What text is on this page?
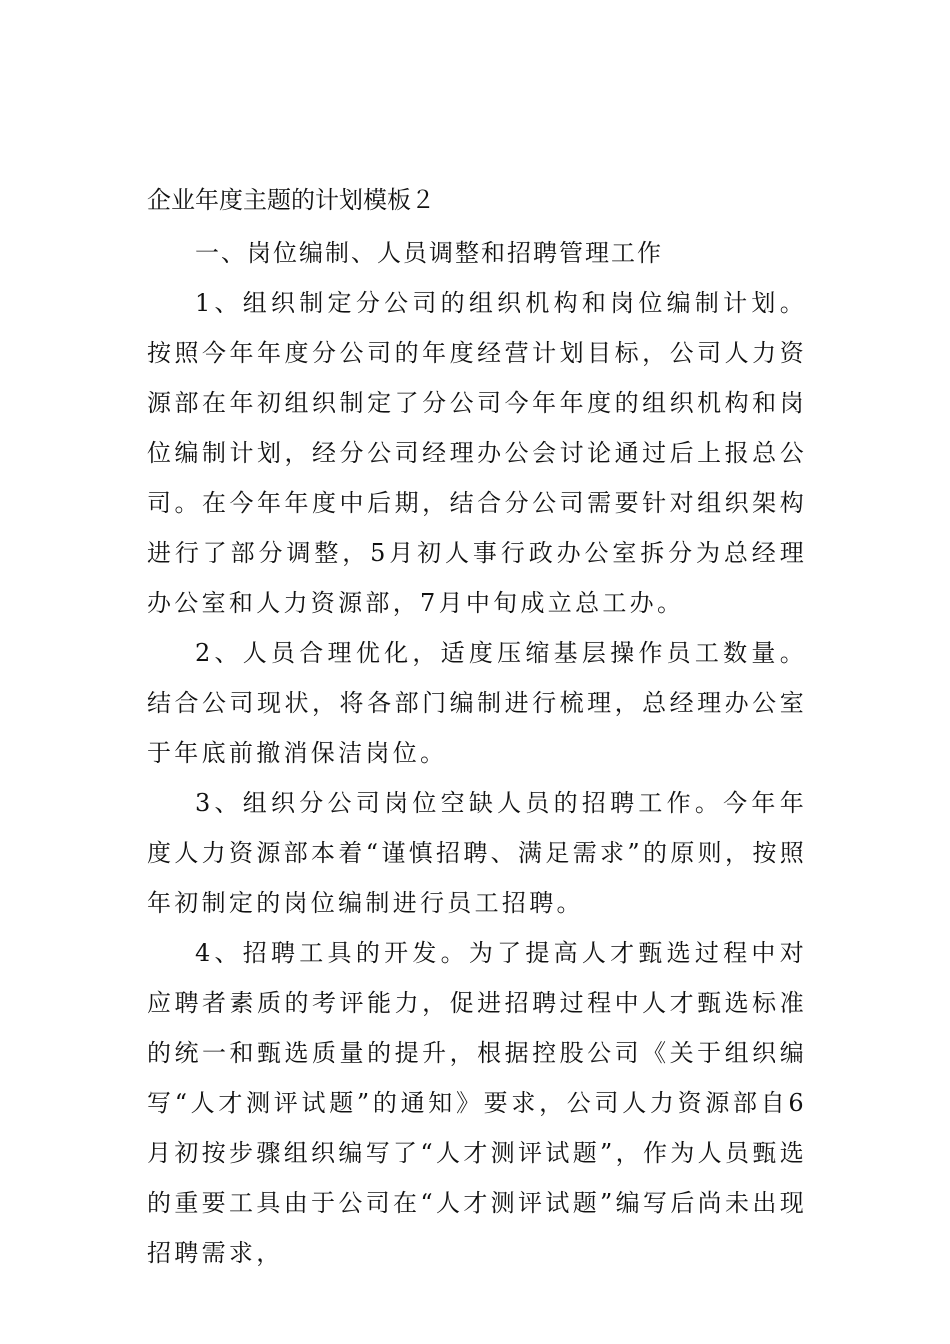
企业年度主题的计划模板２

一、岗位编制、人员调整和招聘管理工作

1、组织制定分公司的组织机构和岗位编制计划。按照今年年度分公司的年度经营计划目标，公司人力资源部在年初组织制定了分公司今年年度的组织机构和岗位编制计划，经分公司经理办公会讨论通过后上报总公司。在今年年度中后期，结合分公司需要针对组织架构进行了部分调整，5月初人事行政办公室拆分为总经理办公室和人力资源部，7月中旬成立总工办。

2、人员合理优化，适度压缩基层操作员工数量。结合公司现状，将各部门编制进行梳理，总经理办公室于年底前撤消保洁岗位。

3、组织分公司岗位空缺人员的招聘工作。今年年度人力资源部本着“谨慎招聘、满足需求”的原则，按照年初制定的岗位编制进行员工招聘。

4、招聘工具的开发。为了提高人才甄选过程中对应聘者素质的考评能力，促进招聘过程中人才甄选标准的统一和甄选质量的提升，根据控股公司《关于组织编写“人才测评试题”的通知》要求，公司人力资源部自6月初按步骤组织编写了“人才测评试题”，作为人员甄选的重要工具由于公司在“人才测评试题”编写后尚未出现招聘需求，
